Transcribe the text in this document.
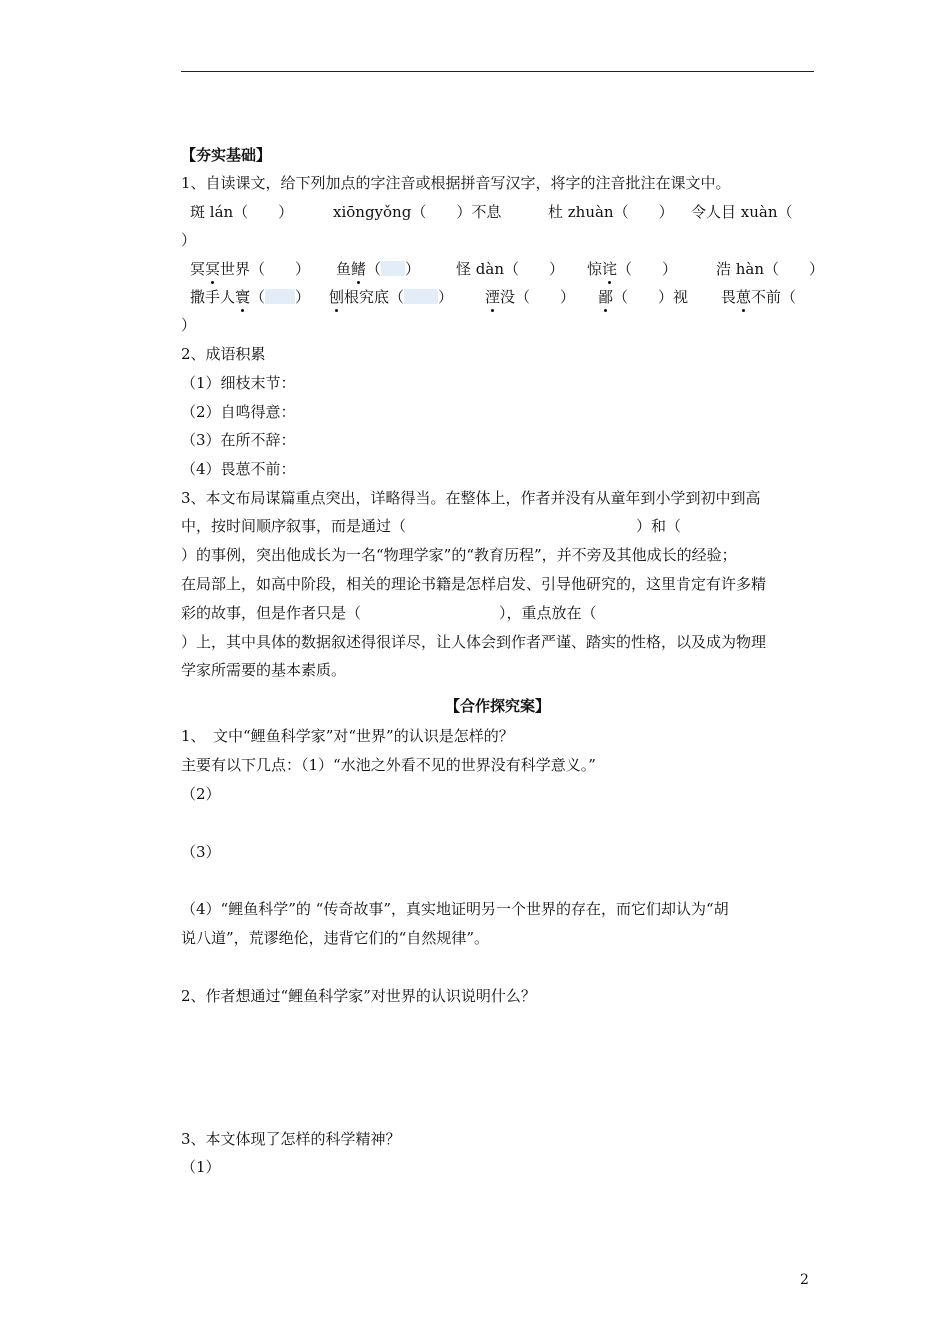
【夯实基础】
1、自读课文，给下列加点的字注音或根据拼音写汉字，将字的注音批注在课文中。
斑 lán（　　）	xiōngyǒng（　　）不息	杜 zhuàn（　　） 令人目 xuàn（
）
冥冥世界（　　） 鱼鳍（ ） 怪 dàn（　　） 惊诧（　　）	浩 hàn（　　）
撒手人寰（ ） 刨根究底（ ） 湮没（　　） 鄙（　　）视 畏葸不前（
）
2、成语积累
（1）细枝末节：
（2）自鸣得意：
（3）在所不辞：
（4）畏葸不前：
3、本文布局谋篇重点突出，详略得当。在整体上，作者并没有从童年到小学到初中到高
中，按时间顺序叙事，而是通过（	）和（
）的事例，突出他成长为一名“物理学家”的“教育历程”，并不旁及其他成长的经验；
在局部上，如高中阶段，相关的理论书籍是怎样启发、引导他研究的，这里肯定有许多精
彩的故事，但是作者只是（	），重点放在（
）上，其中具体的数据叙述得很详尽，让人体会到作者严谨、踏实的性格，以及成为物理
学家所需要的基本素质。
【合作探究案】
1、　文中“鲤鱼科学家”对“世界”的认识是怎样的？
主要有以下几点：（1）“水池之外看不见的世界没有科学意义。”
（2）
（3）
（4）“鲤鱼科学”的 “传奇故事”，真实地证明另一个世界的存在，而它们却认为“胡
说八道”，荒谬绝伦，违背它们的“自然规律”。
2、作者想通过“鲤鱼科学家”对世界的认识说明什么？
3、本文体现了怎样的科学精神？
（1）
2
